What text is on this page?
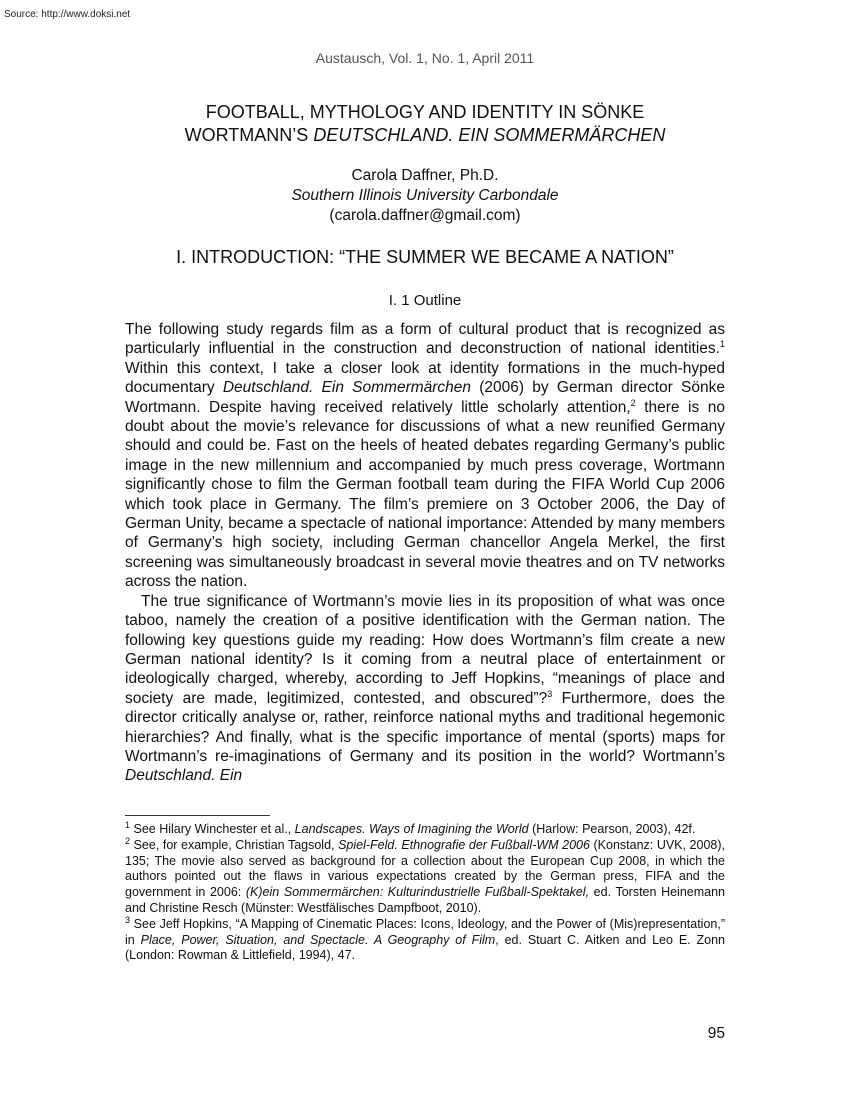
Source: http://www.doksi.net
Austausch, Vol. 1, No. 1, April 2011
FOOTBALL, MYTHOLOGY AND IDENTITY IN SÖNKE
WORTMANN’S DEUTSCHLAND. EIN SOMMERMÄRCHEN
Carola Daffner, Ph.D.
Southern Illinois University Carbondale
(carola.daffner@gmail.com)
I. INTRODUCTION: “THE SUMMER WE BECAME A NATION”
I. 1 Outline

The following study regards film as a form of cultural product that is recognized as particularly influential in the construction and deconstruction of national identities.$^1$ Within this context, I take a closer look at identity formations in the much-hyped documentary Deutschland. Ein Sommermärchen (2006) by German director Sönke Wortmann. Despite having received relatively little scholarly attention,$^2$ there is no doubt about the movie’s relevance for discussions of what a new reunified Germany should and could be. Fast on the heels of heated debates regarding Germany’s public image in the new millennium and accompanied by much press coverage, Wortmann significantly chose to film the German football team during the FIFA World Cup 2006 which took place in Germany. The film’s premiere on 3 October 2006, the Day of German Unity, became a spectacle of national importance: Attended by many members of Germany’s high society, including German chancellor Angela Merkel, the first screening was simultaneously broadcast in several movie theatres and on TV networks across the nation.

The true significance of Wortmann’s movie lies in its proposition of what was once taboo, namely the creation of a positive identification with the German nation. The following key questions guide my reading: How does Wortmann’s film create a new German national identity? Is it coming from a neutral place of entertainment or ideologically charged, whereby, according to Jeff Hopkins, “meanings of place and society are made, legitimized, contested, and obscured”?$^3$ Furthermore, does the director critically analyse or, rather, reinforce national myths and traditional hegemonic hierarchies? And finally, what is the specific importance of mental (sports) maps for Wortmann’s re-imaginations of Germany and its position in the world? Wortmann’s Deutschland. Ein

$^1$ See Hilary Winchester et al., Landscapes. Ways of Imagining the World (Harlow: Pearson, 2003), 42f.

$^2$ See, for example, Christian Tagsold, Spiel-Feld. Ethnografie der Fußball-WM 2006 (Konstanz: UVK, 2008), 135; The movie also served as background for a collection about the European Cup 2008, in which the authors pointed out the flaws in various expectations created by the German press, FIFA and the government in 2006: (K)ein Sommermärchen: Kulturindustrielle Fußball-Spektakel, ed. Torsten Heinemann and Christine Resch (Münster: Westfälisches Dampfboot, 2010).

$^3$ See Jeff Hopkins, “A Mapping of Cinematic Places: Icons, Ideology, and the Power of (Mis)representation,” in Place, Power, Situation, and Spectacle. A Geography of Film, ed. Stuart C. Aitken and Leo E. Zonn (London: Rowman & Littlefield, 1994), 47.

95
